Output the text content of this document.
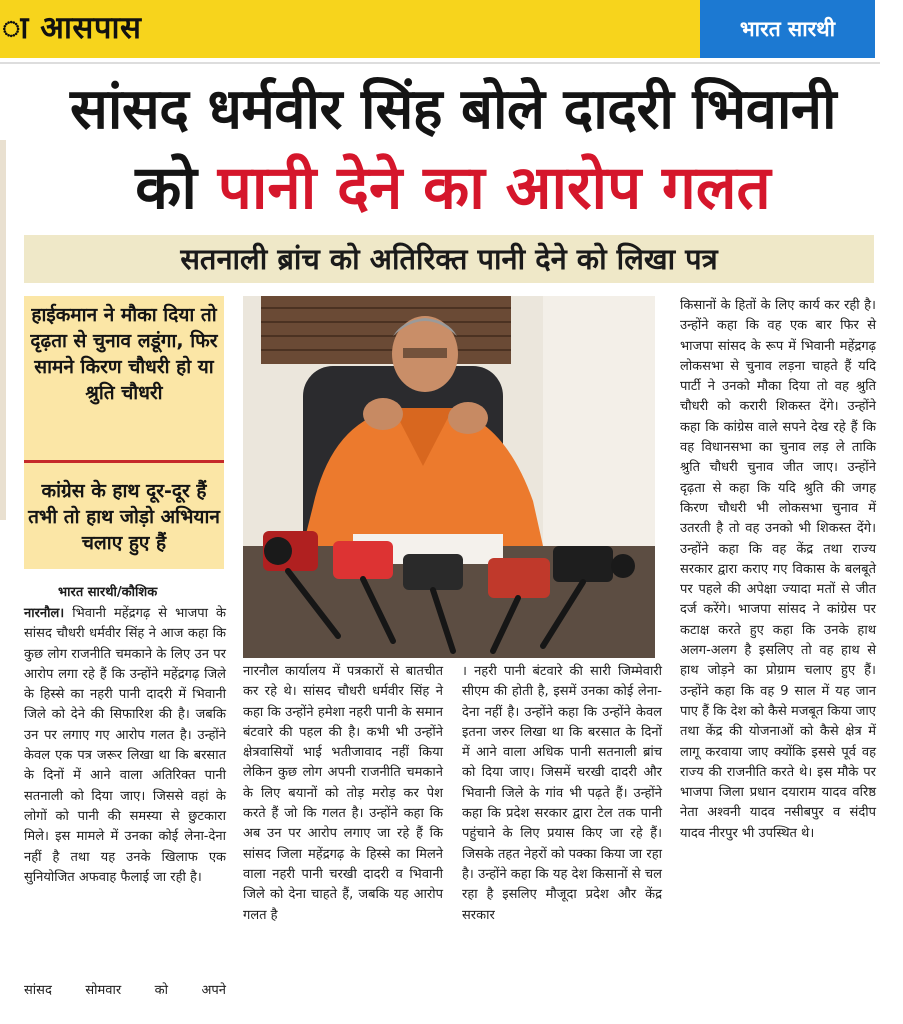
ा आसपास	भारत सारथी
सांसद धर्मवीर सिंह बोले दादरी भिवानी
को पानी देने का आरोप गलत
सतनाली ब्रांच को अतिरिक्त पानी देने को लिखा पत्र

हाईकमान ने मौका दिया तो दृढ़ता से चुनाव लडूंगा, फिर सामने किरण चौधरी हो या श्रुति चौधरी

कांग्रेस के हाथ दूर-दूर हैं तभी तो हाथ जोड़ो अभियान चलाए हुए हैं

भारत सारथी/कौशिक

नारनौल। भिवानी महेंद्रगढ़ से भाजपा के सांसद चौधरी धर्मवीर सिंह ने आज कहा कि कुछ लोग राजनीति चमकाने के लिए उन पर आरोप लगा रहे हैं कि उन्होंने महेंद्रगढ़ जिले के हिस्से का नहरी पानी दादरी में भिवानी जिले को देने की सिफारिश की है। जबकि उन पर लगाए गए आरोप गलत है। उन्होंने केवल एक पत्र जरूर लिखा था कि बरसात के दिनों में आने वाला अतिरिक्त पानी सतनाली को दिया जाए। जिससे वहां के लोगों को पानी की समस्या से छुटकारा मिले। इस मामले में उनका कोई लेना-देना नहीं है तथा यह उनके खिलाफ एक सुनियोजित अफवाह फैलाई जा रही है।

सांसद सोमवार को अपने

नारनौल कार्यालय में पत्रकारों से बातचीत कर रहे थे। सांसद चौधरी धर्मवीर सिंह ने कहा कि उन्होंने हमेशा नहरी पानी के समान बंटवारे की पहल की है। कभी भी उन्होंने क्षेत्रवासियों भाई भतीजावाद नहीं किया लेकिन कुछ लोग अपनी राजनीति चमकाने के लिए बयानों को तोड़ मरोड़ कर पेश करते हैं जो कि गलत है। उन्होंने कहा कि अब उन पर आरोप लगाए जा रहे हैं कि सांसद जिला महेंद्रगढ़ के हिस्से का मिलने वाला नहरी पानी चरखी दादरी व भिवानी जिले को देना चाहते हैं, जबकि यह आरोप गलत है

। नहरी पानी बंटवारे की सारी जिम्मेवारी सीएम की होती है, इसमें उनका कोई लेना-देना नहीं है। उन्होंने कहा कि उन्होंने केवल इतना जरुर लिखा था कि बरसात के दिनों में आने वाला अधिक पानी सतनाली ब्रांच को दिया जाए। जिसमें चरखी दादरी और भिवानी जिले के गांव भी पढ़ते हैं। उन्होंने कहा कि प्रदेश सरकार द्वारा टेल तक पानी पहुंचाने के लिए प्रयास किए जा रहे हैं। जिसके तहत नेहरों को पक्का किया जा रहा है। उन्होंने कहा कि यह देश किसानों से चल रहा है इसलिए मौजूदा प्रदेश और केंद्र सरकार

किसानों के हितों के लिए कार्य कर रही है। उन्होंने कहा कि वह एक बार फिर से भाजपा सांसद के रूप में भिवानी महेंद्रगढ़ लोकसभा से चुनाव लड़ना चाहते हैं यदि पार्टी ने उनको मौका दिया तो वह श्रुति चौधरी को करारी शिकस्त देंगे। उन्होंने कहा कि कांग्रेस वाले सपने देख रहे हैं कि वह विधानसभा का चुनाव लड़ ले ताकि श्रुति चौधरी चुनाव जीत जाए। उन्होंने दृढ़ता से कहा कि यदि श्रुति की जगह किरण चौधरी भी लोकसभा चुनाव में उतरती है तो वह उनको भी शिकस्त देंगे। उन्होंने कहा कि वह केंद्र तथा राज्य सरकार द्वारा कराए गए विकास के बलबूते पर पहले की अपेक्षा ज्यादा मतों से जीत दर्ज करेंगे। भाजपा सांसद ने कांग्रेस पर कटाक्ष करते हुए कहा कि उनके हाथ अलग-अलग है इसलिए तो वह हाथ से हाथ जोड़ने का प्रोग्राम चलाए हुए हैं। उन्होंने कहा कि वह 9 साल में यह जान पाए हैं कि देश को कैसे मजबूत किया जाए तथा केंद्र की योजनाओं को कैसे क्षेत्र में लागू करवाया जाए क्योंकि इससे पूर्व वह राज्य की राजनीति करते थे। इस मौके पर भाजपा जिला प्रधान दयाराम यादव वरिष्ठ नेता अश्वनी यादव नसीबपुर व संदीप यादव नीरपुर भी उपस्थित थे।
